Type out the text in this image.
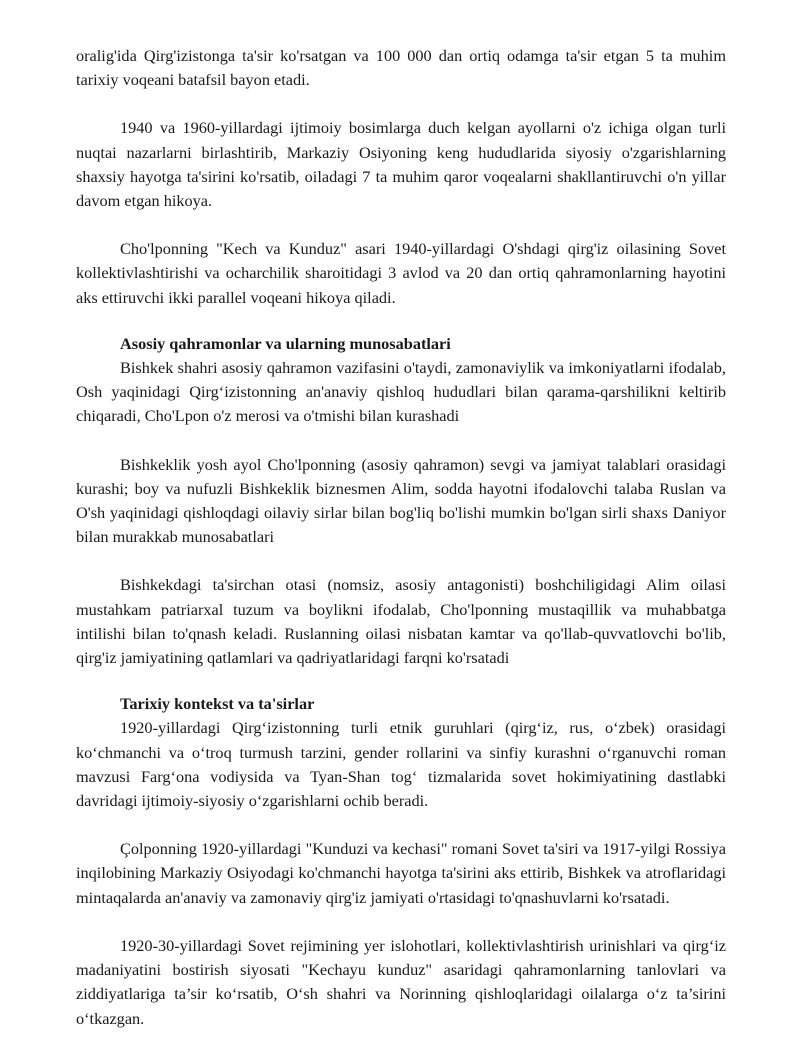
oralig'ida Qirg'izistonga ta'sir ko'rsatgan va 100 000 dan ortiq odamga ta'sir etgan 5 ta muhim tarixiy voqeani batafsil bayon etadi.

1940 va 1960-yillardagi ijtimoiy bosimlarga duch kelgan ayollarni o'z ichiga olgan turli nuqtai nazarlarni birlashtirib, Markaziy Osiyoning keng hududlarida siyosiy o'zgarishlarning shaxsiy hayotga ta'sirini ko'rsatib, oiladagi 7 ta muhim qaror voqealarni shakllantiruvchi o'n yillar davom etgan hikoya.

Cho'lponning "Kech va Kunduz" asari 1940-yillardagi O'shdagi qirg'iz oilasining Sovet kollektivlashtirishi va ocharchilik sharoitidagi 3 avlod va 20 dan ortiq qahramonlarning hayotini aks ettiruvchi ikki parallel voqeani hikoya qiladi.

Asosiy qahramonlar va ularning munosabatlari

Bishkek shahri asosiy qahramon vazifasini o'taydi, zamonaviylik va imkoniyatlarni ifodalab, Osh yaqinidagi Qirg‘izistonning an'anaviy qishloq hududlari bilan qarama-qarshilikni keltirib chiqaradi, Cho'Lpon o'z merosi va o'tmishi bilan kurashadi

Bishkeklik yosh ayol Cho'lponning (asosiy qahramon) sevgi va jamiyat talablari orasidagi kurashi; boy va nufuzli Bishkeklik biznesmen Alim, sodda hayotni ifodalovchi talaba Ruslan va O'sh yaqinidagi qishloqdagi oilaviy sirlar bilan bog'liq bo'lishi mumkin bo'lgan sirli shaxs Daniyor bilan murakkab munosabatlari

Bishkekdagi ta'sirchan otasi (nomsiz, asosiy antagonisti) boshchiligidagi Alim oilasi mustahkam patriarxal tuzum va boylikni ifodalab, Cho'lponning mustaqillik va muhabbatga intilishi bilan to'qnash keladi. Ruslanning oilasi nisbatan kamtar va qo'llab-quvvatlovchi bo'lib, qirg'iz jamiyatining qatlamlari va qadriyatlaridagi farqni ko'rsatadi

Tarixiy kontekst va ta'sirlar

1920-yillardagi Qirg‘izistonning turli etnik guruhlari (qirg‘iz, rus, o‘zbek) orasidagi ko‘chmanchi va o‘troq turmush tarzini, gender rollarini va sinfiy kurashni o‘rganuvchi roman mavzusi Farg‘ona vodiysida va Tyan-Shan tog‘ tizmalarida sovet hokimiyatining dastlabki davridagi ijtimoiy-siyosiy o‘zgarishlarni ochib beradi.

Çolponning 1920-yillardagi "Kunduzi va kechasi" romani Sovet ta'siri va 1917-yilgi Rossiya inqilobining Markaziy Osiyodagi ko'chmanchi hayotga ta'sirini aks ettirib, Bishkek va atroflaridagi mintaqalarda an'anaviy va zamonaviy qirg'iz jamiyati o'rtasidagi to'qnashuvlarni ko'rsatadi.

1920-30-yillardagi Sovet rejimining yer islohotlari, kollektivlashtirish urinishlari va qirg‘iz madaniyatini bostirish siyosati "Kechayu kunduz" asaridagi qahramonlarning tanlovlari va ziddiyatlariga ta’sir ko‘rsatib, O‘sh shahri va Norinning qishloqlaridagi oilalarga o‘z ta’sirini o‘tkazgan.
